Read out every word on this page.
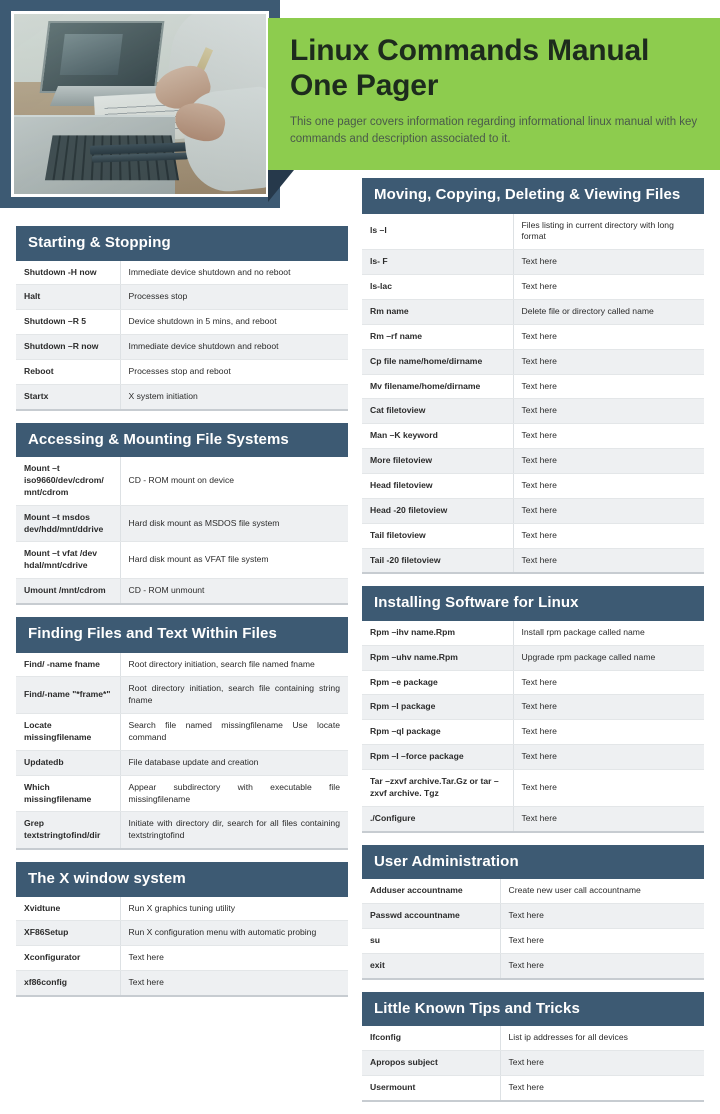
Linux Commands Manual One Pager
This one pager covers information regarding informational linux manual with key commands and description associated to it.
Starting & Stopping
Shutdown -H now	Immediate device shutdown and no reboot
Halt	Processes stop
Shutdown –R 5	Device shutdown in 5 mins, and reboot
Shutdown –R now	Immediate device shutdown and reboot
Reboot	Processes stop and reboot
Startx	X system initiation
Accessing & Mounting File Systems
Mount –t iso9660/dev/cdrom/ mnt/cdrom	CD - ROM mount on device
Mount –t msdos dev/hdd/mnt/ddrive	Hard disk mount as MSDOS file system
Mount –t vfat /dev hdal/mnt/cdrive	Hard disk mount as VFAT file system
Umount /mnt/cdrom	CD - ROM unmount
Finding Files and Text Within Files
Find/ -name fname	Root directory initiation, search file named fname
Find/-name "*frame*"	Root directory initiation, search file containing string fname
Locate missingfilename	Search file named missingfilename Use locate command
Updatedb	File database update and creation
Which missingfilename	Appear subdirectory with executable file missingfilename
Grep textstringtofind/dir	Initiate with directory dir, search for all files containing textstringtofind
The X window system
Xvidtune	Run X graphics tuning utility
XF86Setup	Run X configuration menu with automatic probing
Xconfigurator	Text here
xf86config	Text here
Moving, Copying, Deleting & Viewing Files
ls –l	Files listing in current directory with long format
ls- F	Text here
ls-lac	Text here
Rm name	Delete file or directory called name
Rm –rf name	Text here
Cp file name/home/dirname	Text here
Mv filename/home/dirname	Text here
Cat filetoview	Text here
Man –K keyword	Text here
More filetoview	Text here
Head filetoview	Text here
Head -20 filetoview	Text here
Tail filetoview	Text here
Tail -20 filetoview	Text here
Installing Software for Linux
Rpm –ihv name.Rpm	Install rpm package called name
Rpm –uhv name.Rpm	Upgrade rpm package called name
Rpm –e package	Text here
Rpm –I package	Text here
Rpm –ql package	Text here
Rpm –I –force package	Text here
Tar –zxvf archive.Tar.Gz or tar –zxvf archive. Tgz	Text here
./Configure	Text here
User Administration
Adduser accountname	Create new user call accountname
Passwd accountname	Text here
su	Text here
exit	Text here
Little Known Tips and Tricks
Ifconfig	List ip addresses for all devices
Apropos subject	Text here
Usermount	Text here
